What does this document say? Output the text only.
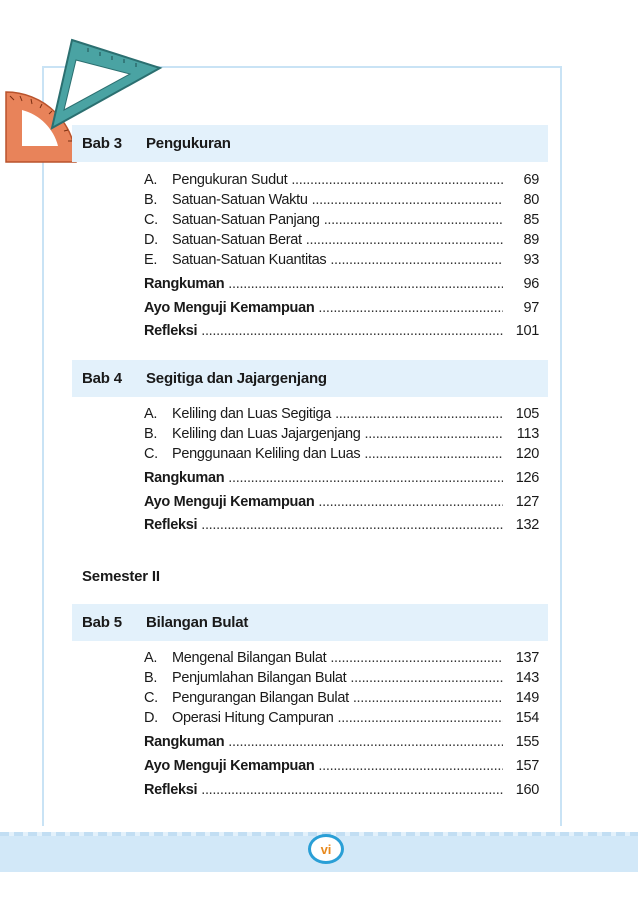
Bab 3	Pengukuran
A.	Pengukuran Sudut .....	69
B.	Satuan-Satuan Waktu .....	80
C. Satuan-Satuan Panjang .....	85
D. Satuan-Satuan Berat .....	89
E.	Satuan-Satuan Kuantitas .....	93
Rangkuman .....	96
Ayo Menguji Kemampuan .....	97
Refleksi .....	101
Bab 4	Segitiga dan Jajargenjang
A.	Keliling dan Luas Segitiga .....	105
B.	Keliling dan Luas Jajargenjang .....	113
C. Penggunaan Keliling dan Luas .....	120
Rangkuman .....	126
Ayo Menguji Kemampuan .....	127
Refleksi .....	132
Semester II
Bab 5	Bilangan Bulat
A.	Mengenal Bilangan Bulat .....	137
B.	Penjumlahan Bilangan Bulat .....	143
C. Pengurangan Bilangan Bulat .....	149
D. Operasi Hitung Campuran .....	154
Rangkuman .....	155
Ayo Menguji Kemampuan .....	157
Refleksi .....	160
vi
